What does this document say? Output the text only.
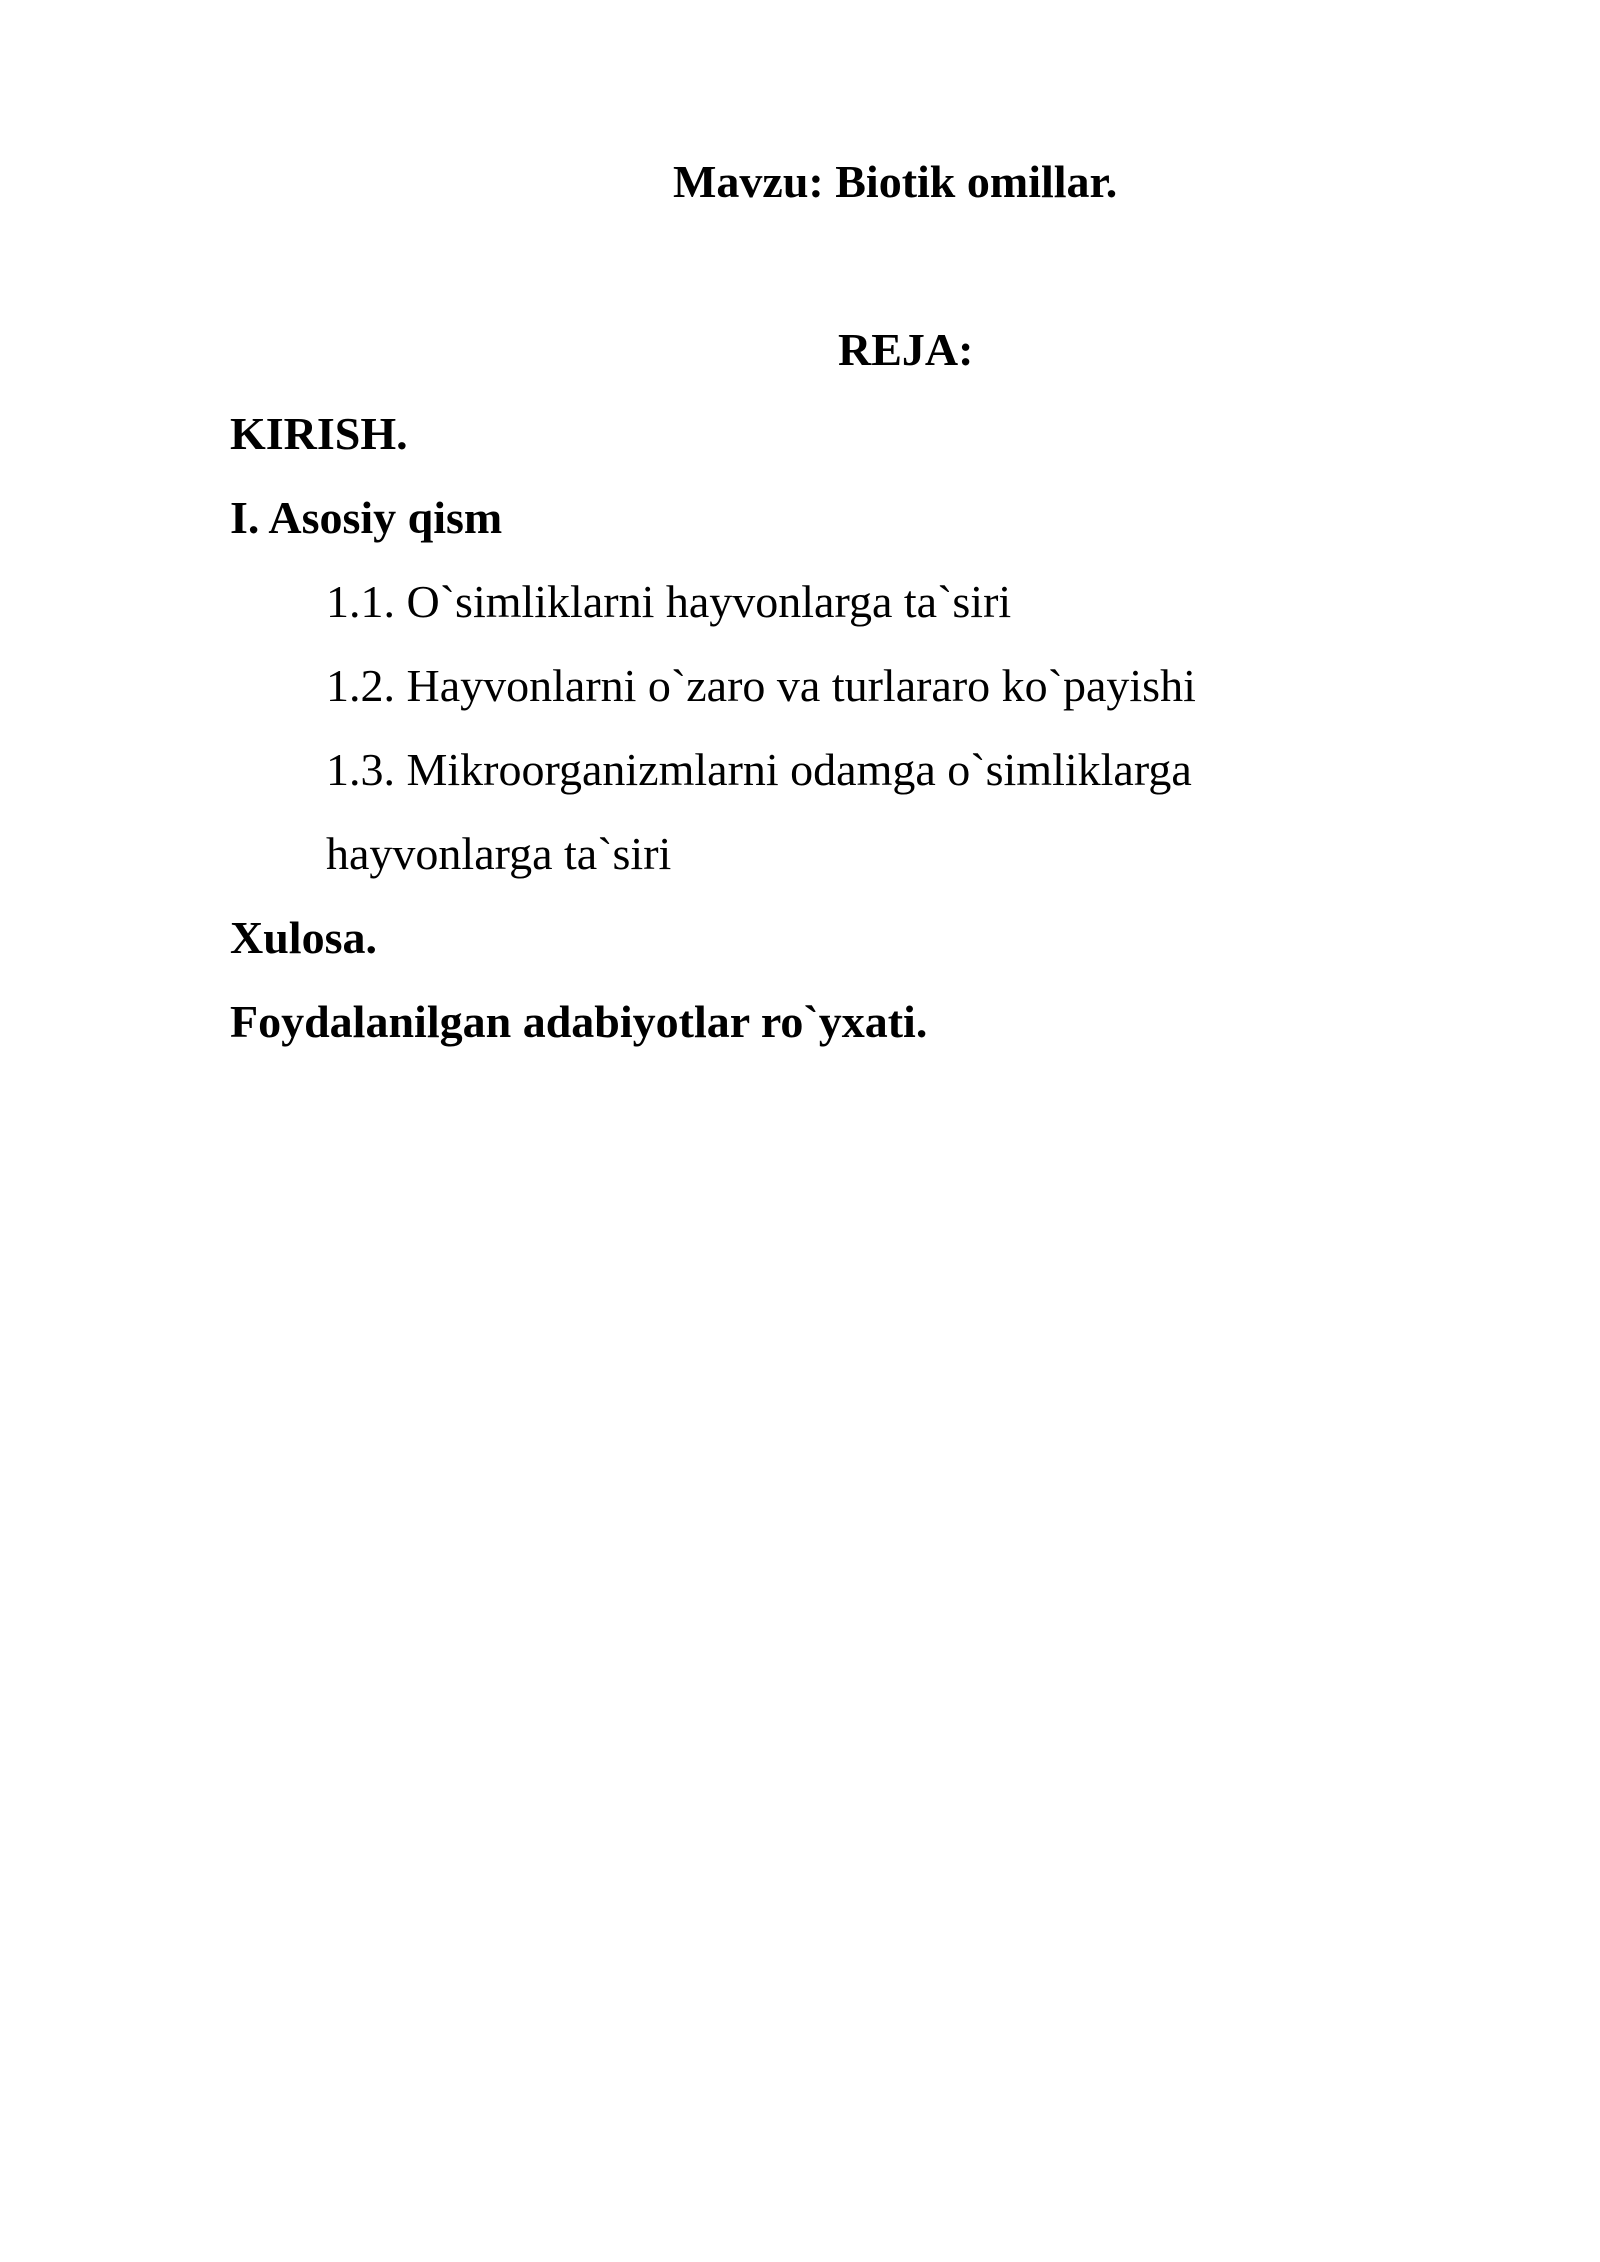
Mavzu: Biotik omillar.
REJA:
KIRISH.
I. Asosiy qism
1.1. O`simliklarni hayvonlarga ta`siri
1.2. Hayvonlarni o`zaro va turlararo ko`payishi
1.3. Mikroorganizmlarni odamga o`simliklarga
hayvonlarga ta`siri
Xulosa.
Foydalanilgan adabiyotlar ro`yxati.
